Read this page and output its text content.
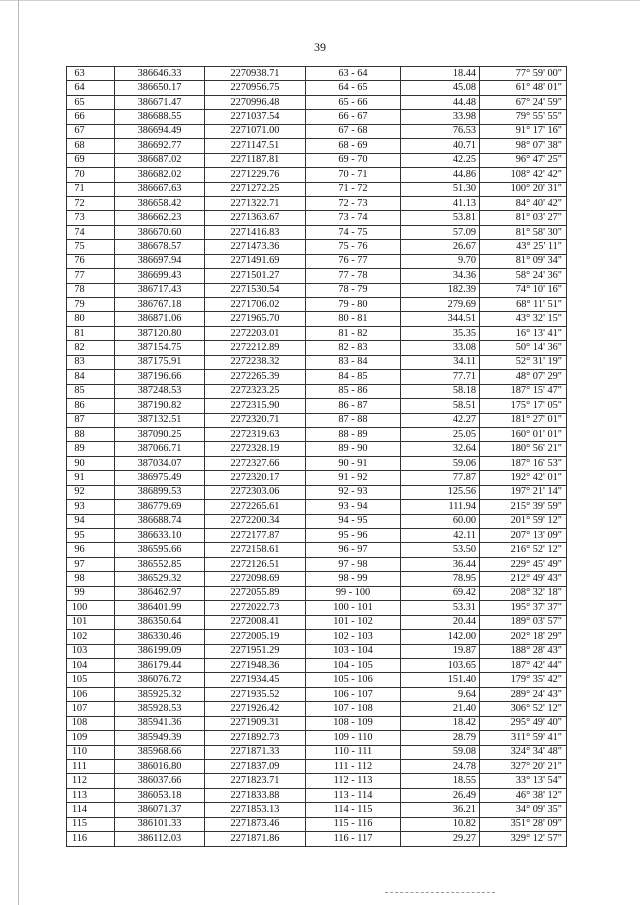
39
63	386646.33	2270938.71	63 - 64	18.44	77° 59' 00"
64	386650.17	2270956.75	64 - 65	45.08	61° 48' 01"
65	386671.47	2270996.48	65 - 66	44.48	67° 24' 59"
66	386688.55	2271037.54	66 - 67	33.98	79° 55' 55"
67	386694.49	2271071.00	67 - 68	76.53	91° 17' 16"
68	386692.77	2271147.51	68 - 69	40.71	98° 07' 38"
69	386687.02	2271187.81	69 - 70	42.25	96° 47' 25"
70	386682.02	2271229.76	70 - 71	44.86	108° 42' 42"
71	386667.63	2271272.25	71 - 72	51.30	100° 20' 31"
72	386658.42	2271322.71	72 - 73	41.13	84° 40' 42"
73	386662.23	2271363.67	73 - 74	53.81	81° 03' 27"
74	386670.60	2271416.83	74 - 75	57.09	81° 58' 30"
75	386678.57	2271473.36	75 - 76	26.67	43° 25' 11"
76	386697.94	2271491.69	76 - 77	9.70	81° 09' 34"
77	386699.43	2271501.27	77 - 78	34.36	58° 24' 36"
78	386717.43	2271530.54	78 - 79	182.39	74° 10' 16"
79	386767.18	2271706.02	79 - 80	279.69	68° 11' 51"
80	386871.06	2271965.70	80 - 81	344.51	43° 32' 15"
81	387120.80	2272203.01	81 - 82	35.35	16° 13' 41"
82	387154.75	2272212.89	82 - 83	33.08	50° 14' 36"
83	387175.91	2272238.32	83 - 84	34.11	52° 31' 19"
84	387196.66	2272265.39	84 - 85	77.71	48° 07' 29"
85	387248.53	2272323.25	85 - 86	58.18	187° 15' 47"
86	387190.82	2272315.90	86 - 87	58.51	175° 17' 05"
87	387132.51	2272320.71	87 - 88	42.27	181° 27' 01"
88	387090.25	2272319.63	88 - 89	25.05	160° 01' 01"
89	387066.71	2272328.19	89 - 90	32.64	180° 56' 21"
90	387034.07	2272327.66	90 - 91	59.06	187° 16' 53"
91	386975.49	2272320.17	91 - 92	77.87	192° 42' 01"
92	386899.53	2272303.06	92 - 93	125.56	197° 21' 14"
93	386779.69	2272265.61	93 - 94	111.94	215° 39' 59"
94	386688.74	2272200.34	94 - 95	60.00	201° 59' 12"
95	386633.10	2272177.87	95 - 96	42.11	207° 13' 09"
96	386595.66	2272158.61	96 - 97	53.50	216° 52' 12"
97	386552.85	2272126.51	97 - 98	36.44	229° 45' 49"
98	386529.32	2272098.69	98 - 99	78.95	212° 49' 43"
99	386462.97	2272055.89	99 - 100	69.42	208° 32' 18"
100	386401.99	2272022.73	100 - 101	53.31	195° 37' 37"
101	386350.64	2272008.41	101 - 102	20.44	189° 03' 57"
102	386330.46	2272005.19	102 - 103	142.00	202° 18' 29"
103	386199.09	2271951.29	103 - 104	19.87	188° 28' 43"
104	386179.44	2271948.36	104 - 105	103.65	187° 42' 44"
105	386076.72	2271934.45	105 - 106	151.40	179° 35' 42"
106	385925.32	2271935.52	106 - 107	9.64	289° 24' 43"
107	385928.53	2271926.42	107 - 108	21.40	306° 52' 12"
108	385941.36	2271909.31	108 - 109	18.42	295° 49' 40"
109	385949.39	2271892.73	109 - 110	28.79	311° 59' 41"
110	385968.66	2271871.33	110 - 111	59.08	324° 34' 48"
111	386016.80	2271837.09	111 - 112	24.78	327° 20' 21"
112	386037.66	2271823.71	112 - 113	18.55	33° 13' 54"
113	386053.18	2271833.88	113 - 114	26.49	46° 38' 12"
114	386071.37	2271853.13	114 - 115	36.21	34° 09' 35"
115	386101.33	2271873.46	115 - 116	10.82	351° 28' 09"
116	386112.03	2271871.86	116 - 117	29.27	329° 12' 57"
